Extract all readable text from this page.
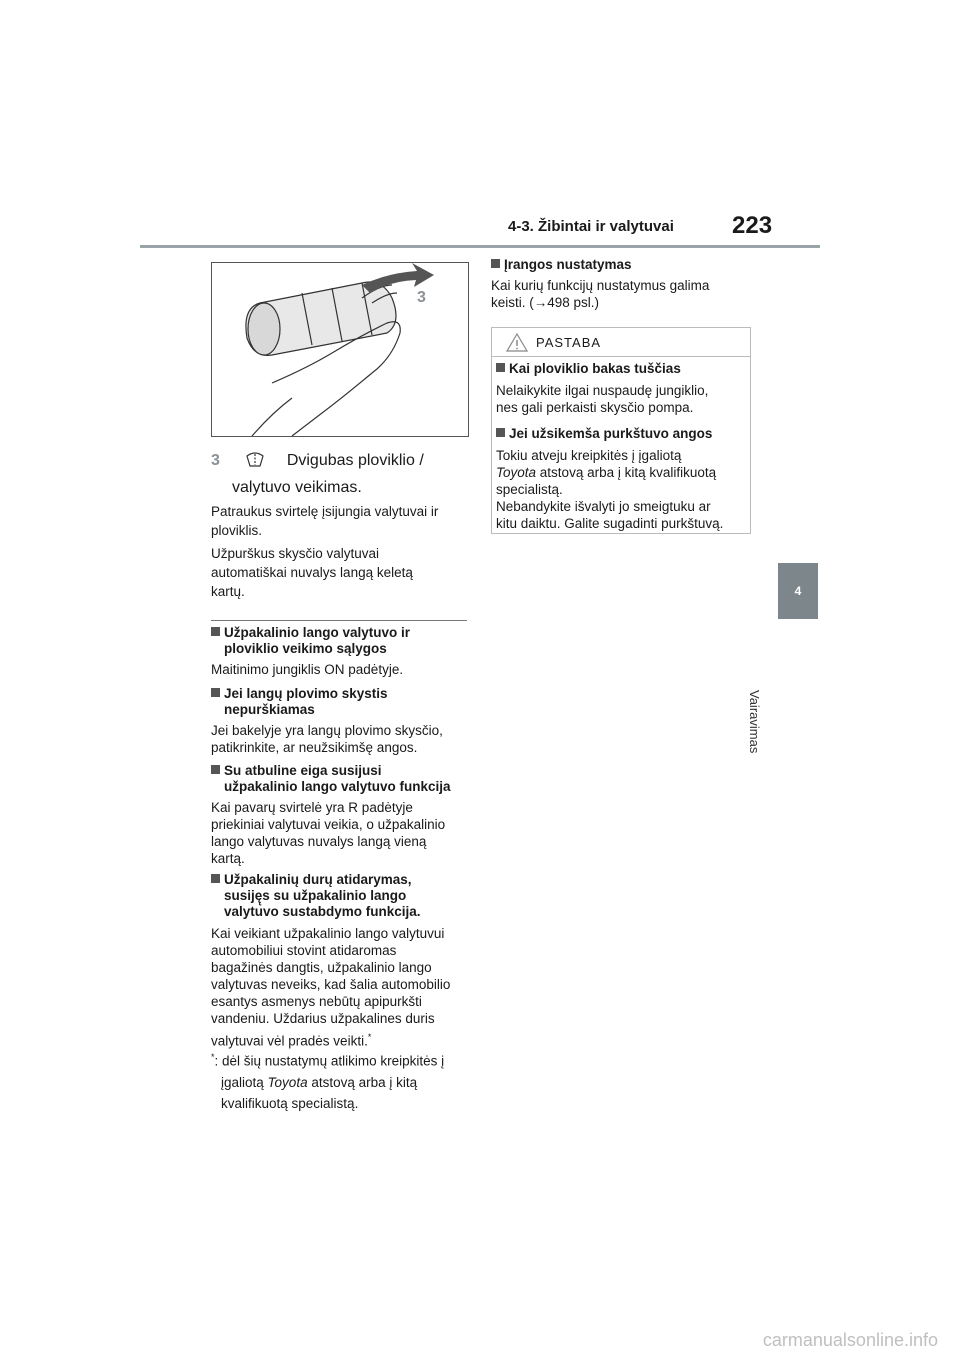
4-3. Žibintai ir valytuvai 223
4
Vairavimas
3
3	Dvigubas ploviklio /
valytuvo veikimas.
Patraukus svirtelę įsijungia valytuvai ir
ploviklis.
Užpurškus skysčio valytuvai
automatiškai nuvalys langą keletą
kartų.
Užpakalinio lango valytuvo ir
ploviklio veikimo sąlygos
Maitinimo jungiklis ON padėtyje.
Jei langų plovimo skystis
nepurškiamas
Jei bakelyje yra langų plovimo skysčio,
patikrinkite, ar neužsikimšę angos.
Su atbuline eiga susijusi
užpakalinio lango valytuvo funkcija
Kai pavarų svirtelė yra R padėtyje
priekiniai valytuvai veikia, o užpakalinio
lango valytuvas nuvalys langą vieną
kartą.
Užpakalinių durų atidarymas,
susiję̨s su užpakalinio lango
valytuvo sustabdymo funkcija.
Kai veikiant užpakalinio lango valytuvui
automobiliui stovint atidaromas
bagažinės dangtis, užpakalinio lango
valytuvas neveiks, kad šalia automobilio
esantys asmenys nebūtų apipurkšti
vandeniu. Uždarius užpakalines duris
valytuvai vėl pradės veikti.*
*: dėl šių nustatymų atlikimo kreipkitės į
įgaliotą Toyota atstovą arba į kitą
kvalifikuotą specialistą.
Įrangos nustatymas
Kai kurių funkcijų nustatymus galima
keisti. (→498 psl.)
PASTABA
Kai ploviklio bakas tuščias
Nelaikykite ilgai nuspaudę jungiklio,
nes gali perkaisti skysčio pompa.
Jei užsikemša purkštuvo angos
Tokiu atveju kreipkitės į įgaliotą
Toyota atstovą arba į kitą kvalifikuotą
specialistą.
Nebandykite išvalyti jo smeigtuku ar
kitu daiktu. Galite sugadinti purkštuvą.
carmanualsonline.info
